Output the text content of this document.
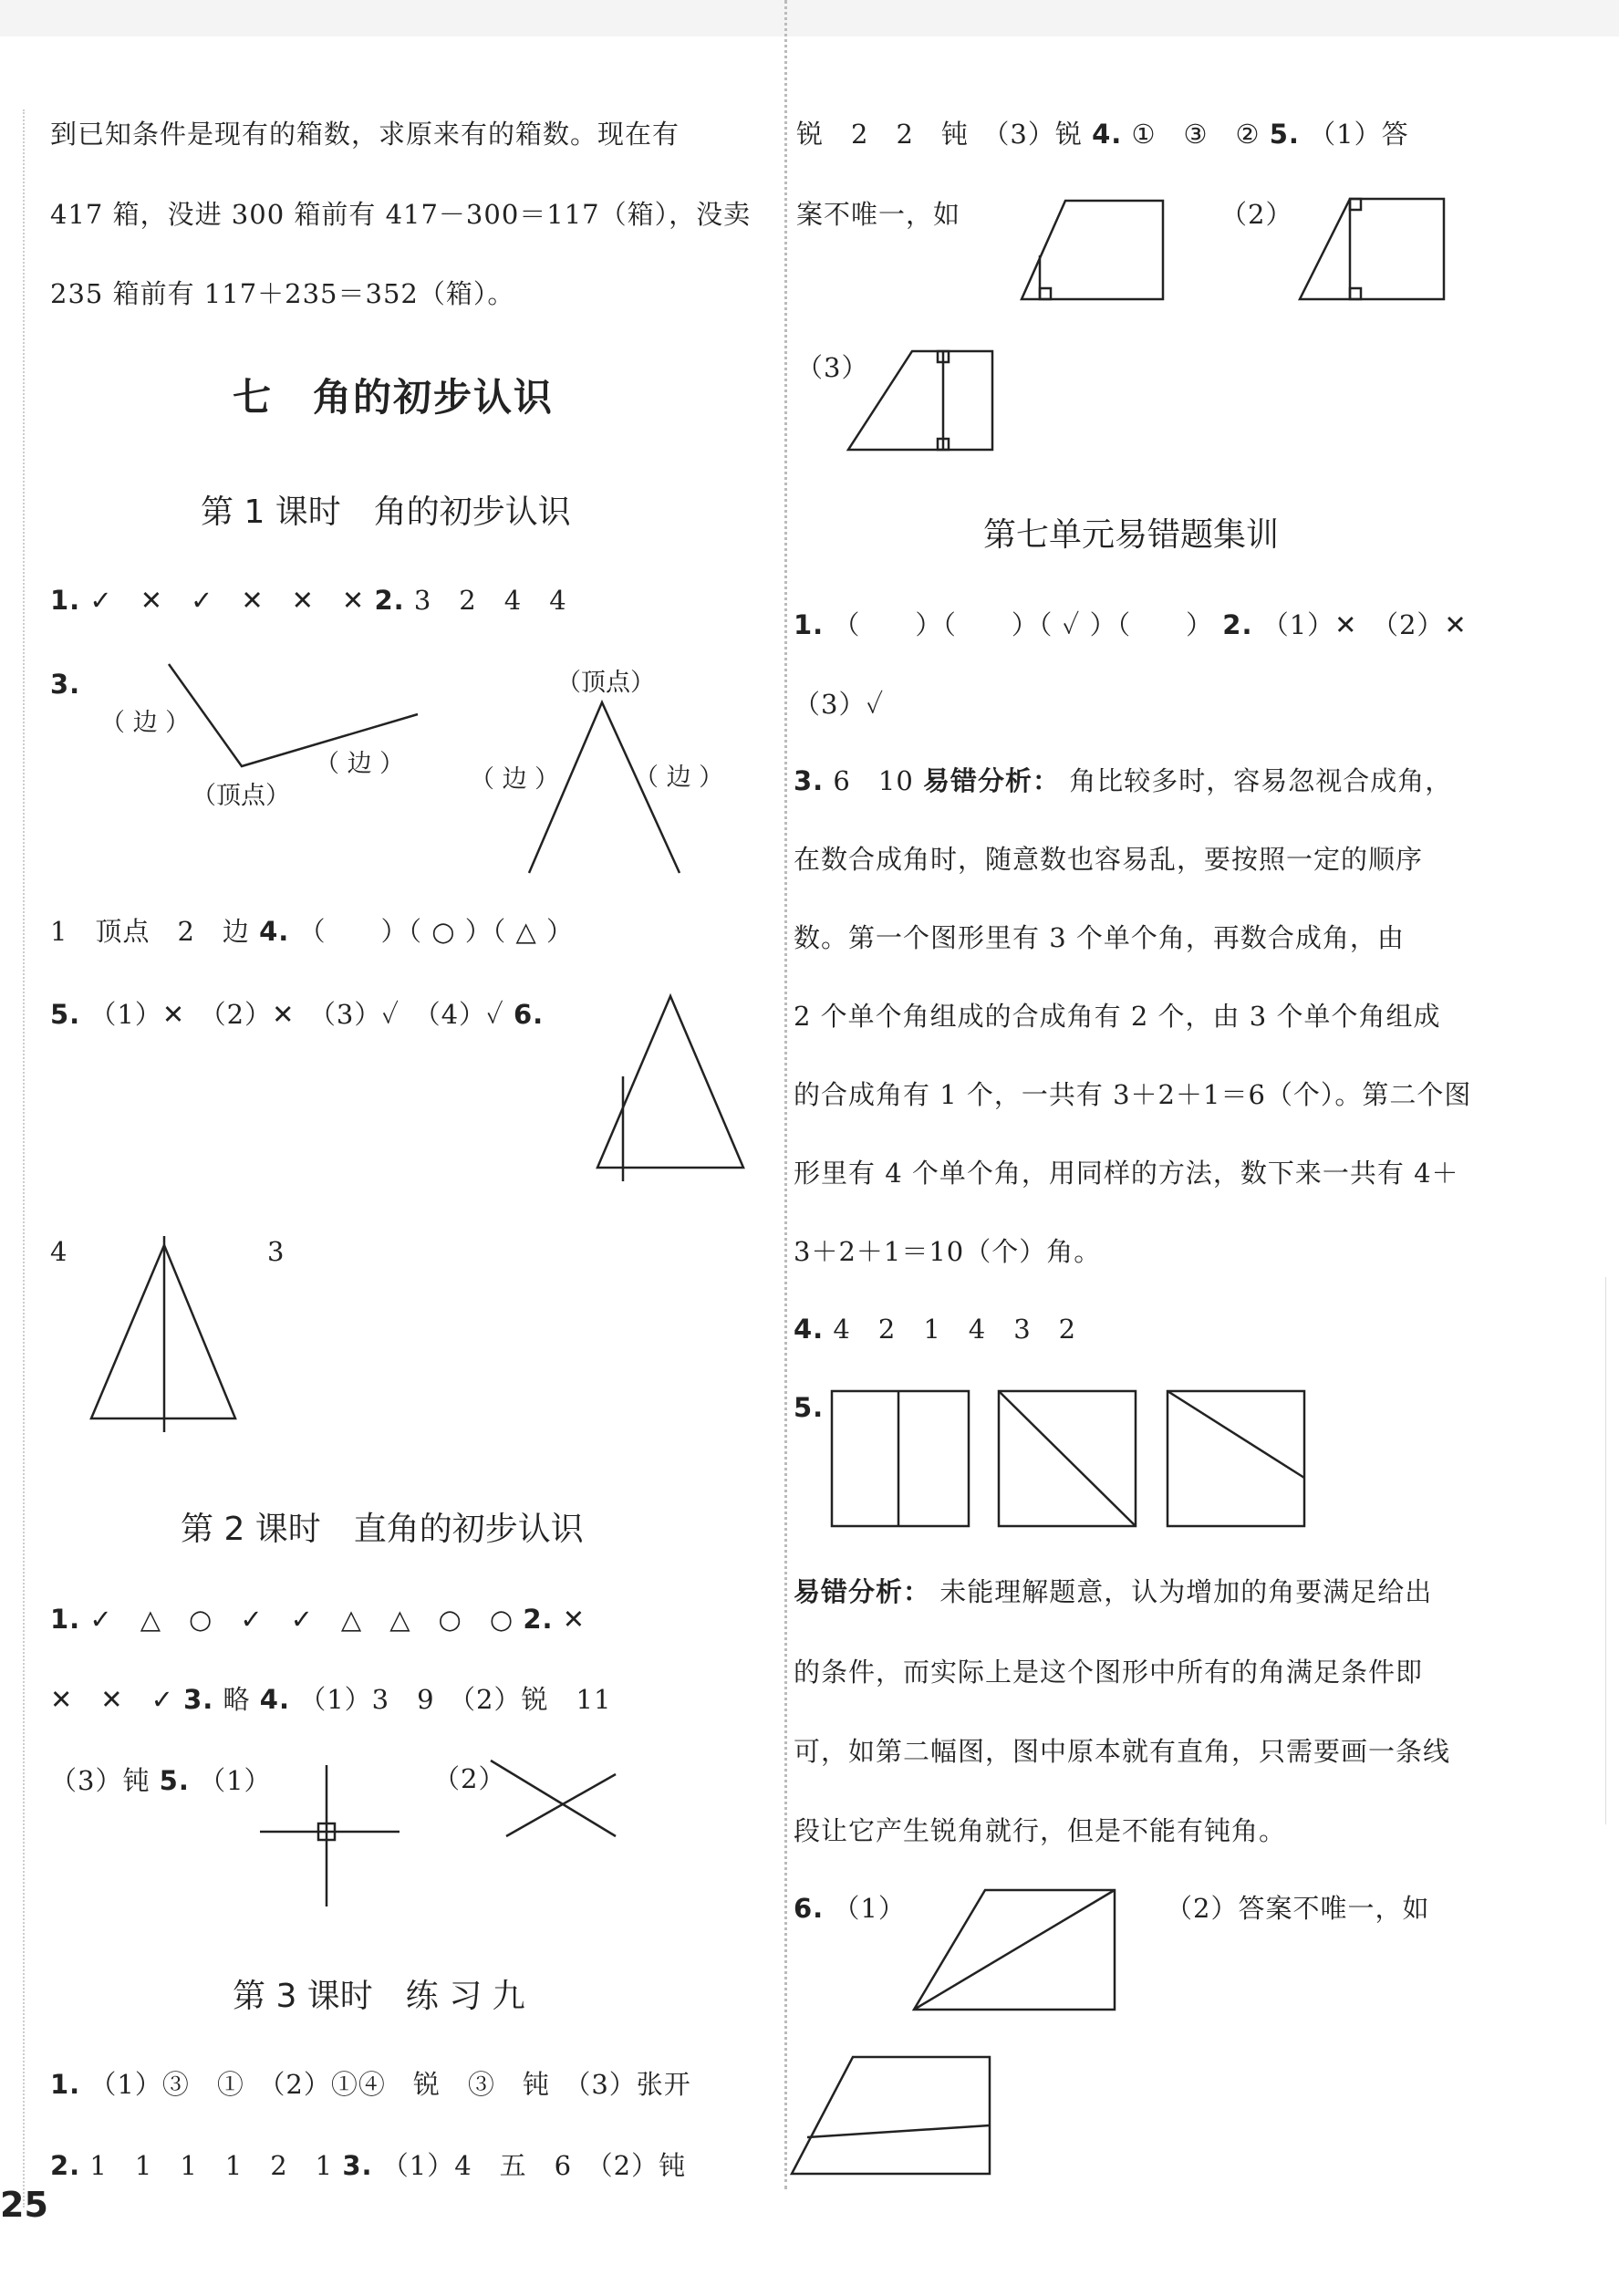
到已知条件是现有的箱数，求原来有的箱数。现在有
417 箱，没进 300 箱前有 417－300＝117（箱），没卖
235 箱前有 117＋235＝352（箱）。
七　角的初步认识
第 1 课时　角的初步认识
1. ✓　✕　✓　✕　✕　✕ 2. 3　2　4　4
3.
（ 边 ）
（ 边 ）
（顶点）
（顶点）
（ 边 ）	（ 边 ）
1　顶点　2　边 4. （　　）（ ○ ）（ △ ）
5. （1）✕　（2）✕　（3）✓　（4）✓ 6.
4	3
第 2 课时　直角的初步认识
1. ✓　△　○　✓　✓　△　△　○　○ 2. ✕
✕　✕　✓ 3. 略 4. （1）3　9　（2）锐　11
（3）钝 5. （1）	（2）
第 3 课时　练 习 九
1. （1）③　①　（2）①④　锐　③　钝　（3）张开
2. 1　1　1　1　2　1 3. （1）4　五　6　（2）钝
25
锐　2　2　钝　（3）锐 4. ①　③　② 5. （1）答
案不唯一，如	（2）
（3）
第七单元易错题集训
1. （　　）（　　）（ ✓ ）（　　） 2. （1）✕　（2）✕
（3）✓
3. 6　10 易错分析： 角比较多时，容易忽视合成角，
在数合成角时，随意数也容易乱，要按照一定的顺序
数。第一个图形里有 3 个单个角，再数合成角，由
2 个单个角组成的合成角有 2 个，由 3 个单个角组成
的合成角有 1 个，一共有 3＋2＋1＝6（个）。第二个图
形里有 4 个单个角，用同样的方法，数下来一共有 4＋
3＋2＋1＝10（个）角。
4. 4　2　1　4　3　2
5.
易错分析： 未能理解题意，认为增加的角要满足给出
的条件，而实际上是这个图形中所有的角满足条件即
可，如第二幅图，图中原本就有直角，只需要画一条线
段让它产生锐角就行，但是不能有钝角。
6. （1）	（2）答案不唯一，如
